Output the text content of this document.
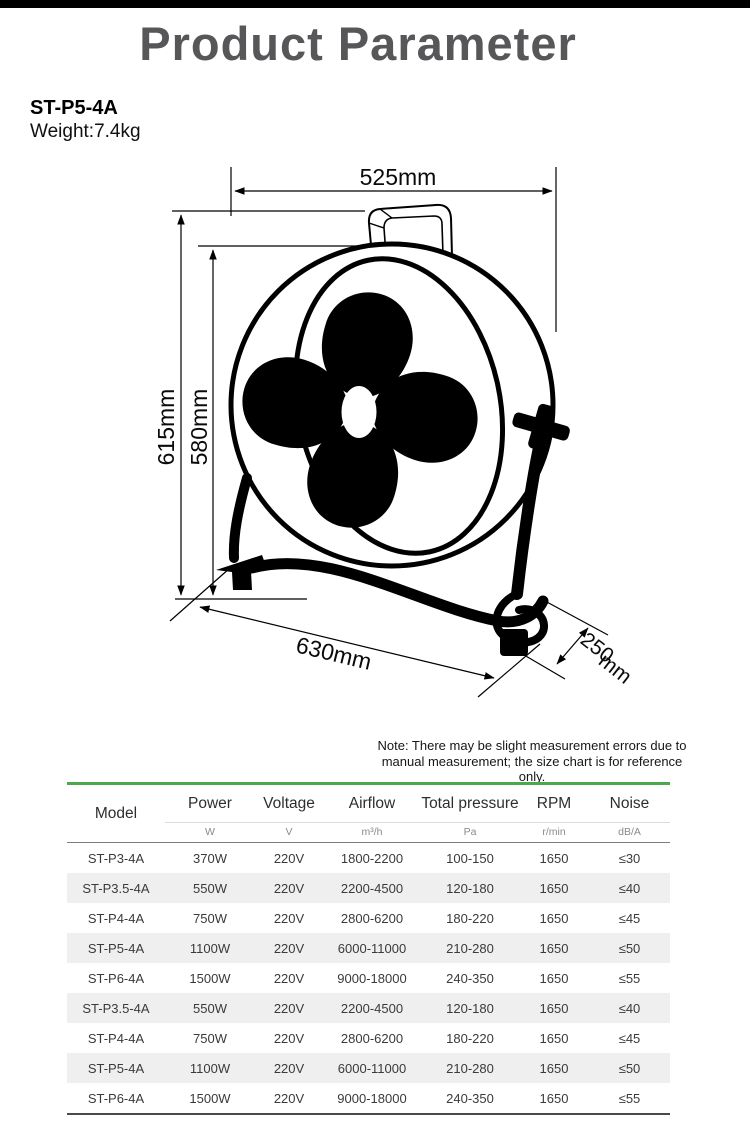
Product Parameter
ST-P5-4A
Weight:7.4kg
525mm
615mm 580mm
630mm	250
mm
Note: There may be slight measurement errors due to
manual measurement; the size chart is for reference only.
Model	Power	Voltage	Airflow	Total pressure	RPM	Noise
	W	V	m³/h	Pa	r/min	dB/A
ST-P3-4A	370W	220V	1800-2200	100-150	1650	≤30
ST-P3.5-4A	550W	220V	2200-4500	120-180	1650	≤40
ST-P4-4A	750W	220V	2800-6200	180-220	1650	≤45
ST-P5-4A	1100W	220V	6000-11000	210-280	1650	≤50
ST-P6-4A	1500W	220V	9000-18000	240-350	1650	≤55
ST-P3.5-4A	550W	220V	2200-4500	120-180	1650	≤40
ST-P4-4A	750W	220V	2800-6200	180-220	1650	≤45
ST-P5-4A	1100W	220V	6000-11000	210-280	1650	≤50
ST-P6-4A	1500W	220V	9000-18000	240-350	1650	≤55
